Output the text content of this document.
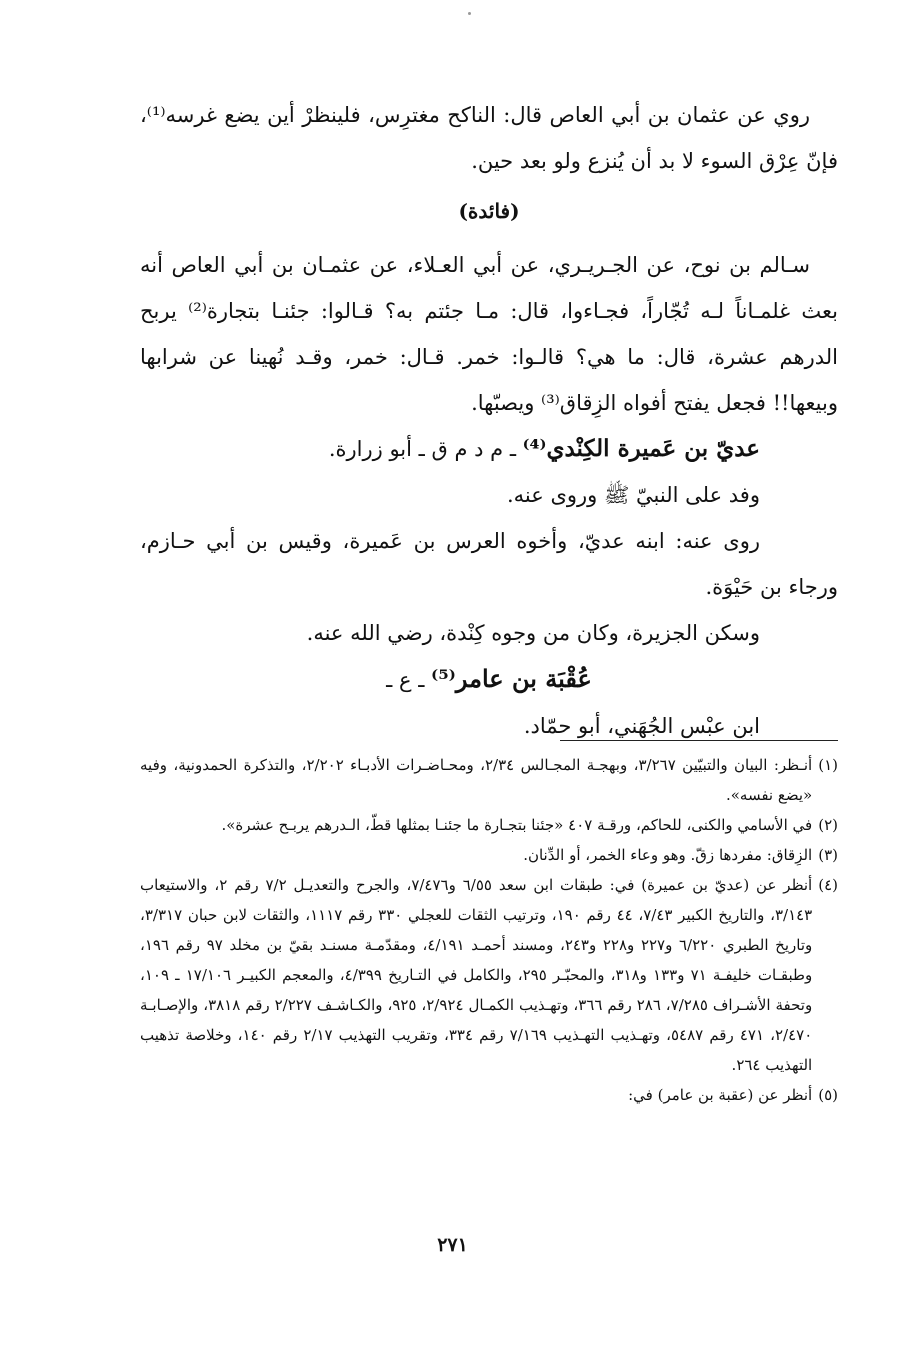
روي عن عثمان بن أبي العاص قال: الناكح مغترِس، فلينظرْ أين يضع غرسه⁽¹⁾، فإنّ عِرْق السوء لا بد أن يُنزع ولو بعد حين.

(فائدة)

سـالم بن نوح، عن الجـريـري، عن أبي العـلاء، عن عثمـان بن أبي العاص أنه بعث غلمـاناً لـه تُجّاراً، فجـاءوا، قال: مـا جئتم به؟ قـالوا: جئنـا بتجارة⁽²⁾ يربح الدرهم عشرة، قال: ما هي؟ قالـوا: خمر. قـال: خمر، وقـد نُهينا عن شرابها وبيعها!! فجعل يفتح أفواه الزِقاق⁽³⁾ ويصبّها.

عديّ بن عَميرة الكِنْدي⁽⁴⁾ ـ م د م ق ـ أبو زرارة.

وفد على النبيّ ﷺ وروى عنه.

روى عنه: ابنه عديّ، وأخوه العرس بن عَميرة، وقيس بن أبي حـازم، ورجاء بن حَيْوَة.

وسكن الجزيرة، وكان من وجوه كِنْدة، رضي الله عنه.

عُقْبَة بن عامر⁽⁵⁾ ـ ع ـ

ابن عبْس الجُهَني، أبو حمّاد.

(١)
أنـظر: البيان والتبيّين ٣/٢٦٧، وبهجـة المجـالس ٢/٣٤، ومحـاضـرات الأدبـاء ٢/٢٠٢، والتذكرة الحمدونية، وفيه «يضع نفسه».
(٢)
في الأسامي والكنى، للحاكم، ورقـة ٤٠٧ «جئنا بتجـارة ما جئنـا بمثلها قطّ، الـدرهم يربـح عشرة».
(٣)
الزِقاق: مفردها زقّ. وهو وعاء الخمر، أو الدِّنان.
(٤)
أنظر عن (عديّ بن عميرة) في: طبقات ابن سعد ٦/٥٥ و٧/٤٧٦، والجرح والتعديـل ٧/٢ رقم ٢، والاستيعاب ٣/١٤٣، والتاريخ الكبير ٧/٤٣، ٤٤ رقم ١٩٠، وترتيب الثقات للعجلي ٣٣٠ رقم ١١١٧، والثقات لابن حبان ٣/٣١٧، وتاريخ الطبري ٦/٢٢٠ و٢٢٧ و٢٢٨ و٢٤٣، ومسند أحمـد ٤/١٩١، ومقدّمـة مسنـد بقيّ بن مخلد ٩٧ رقم ١٩٦، وطبقـات خليفـة ٧١ و١٣٣ و٣١٨، والمحبّـر ٢٩٥، والكامل في التـاريخ ٤/٣٩٩، والمعجم الكبيـر ١٧/١٠٦ ـ ١٠٩، وتحفة الأشـراف ٧/٢٨٥، ٢٨٦ رقم ٣٦٦، وتهـذيب الكمـال ٢/٩٢٤، ٩٢٥، والكـاشـف ٢/٢٢٧ رقم ٣٨١٨، والإصـابـة ٢/٤٧٠، ٤٧١ رقم ٥٤٨٧، وتهـذيب التهـذيب ٧/١٦٩ رقم ٣٣٤، وتقريب التهذيب ٢/١٧ رقم ١٤٠، وخلاصة تذهيب التهذيب ٢٦٤.
(٥)
أنظر عن (عقبة بن عامر) في:
٢٧١
